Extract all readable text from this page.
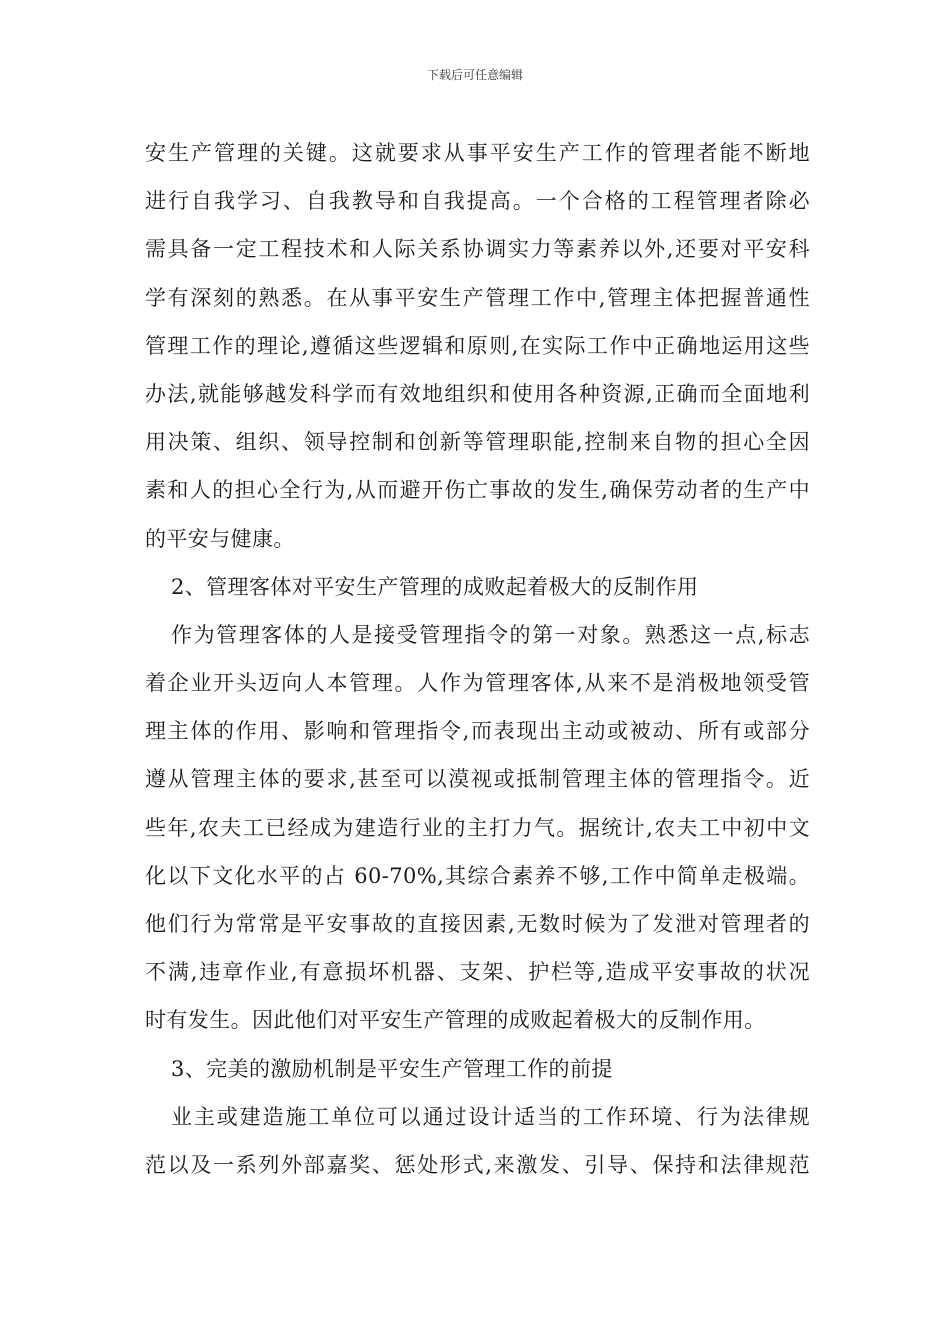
下载后可任意编辑
安生产管理的关键。这就要求从事平安生产工作的管理者能不断地
进行自我学习、自我教导和自我提高。一个合格的工程管理者除必
需具备一定工程技术和人际关系协调实力等素养以外,还要对平安科
学有深刻的熟悉。在从事平安生产管理工作中,管理主体把握普通性
管理工作的理论,遵循这些逻辑和原则,在实际工作中正确地运用这些
办法,就能够越发科学而有效地组织和使用各种资源,正确而全面地利
用决策、组织、领导控制和创新等管理职能,控制来自物的担心全因
素和人的担心全行为,从而避开伤亡事故的发生,确保劳动者的生产中
的平安与健康。
2、管理客体对平安生产管理的成败起着极大的反制作用
作为管理客体的人是接受管理指令的第一对象。熟悉这一点,标志
着企业开头迈向人本管理。人作为管理客体,从来不是消极地领受管
理主体的作用、影响和管理指令,而表现出主动或被动、所有或部分
遵从管理主体的要求,甚至可以漠视或抵制管理主体的管理指令。近
些年,农夫工已经成为建造行业的主打力气。据统计,农夫工中初中文
化以下文化水平的占 60-70%,其综合素养不够,工作中简单走极端。
他们行为常常是平安事故的直接因素,无数时候为了发泄对管理者的
不满,违章作业,有意损坏机器、支架、护栏等,造成平安事故的状况
时有发生。因此他们对平安生产管理的成败起着极大的反制作用。
3、完美的激励机制是平安生产管理工作的前提
业主或建造施工单位可以通过设计适当的工作环境、行为法律规
范以及一系列外部嘉奖、惩处形式,来激发、引导、保持和法律规范
